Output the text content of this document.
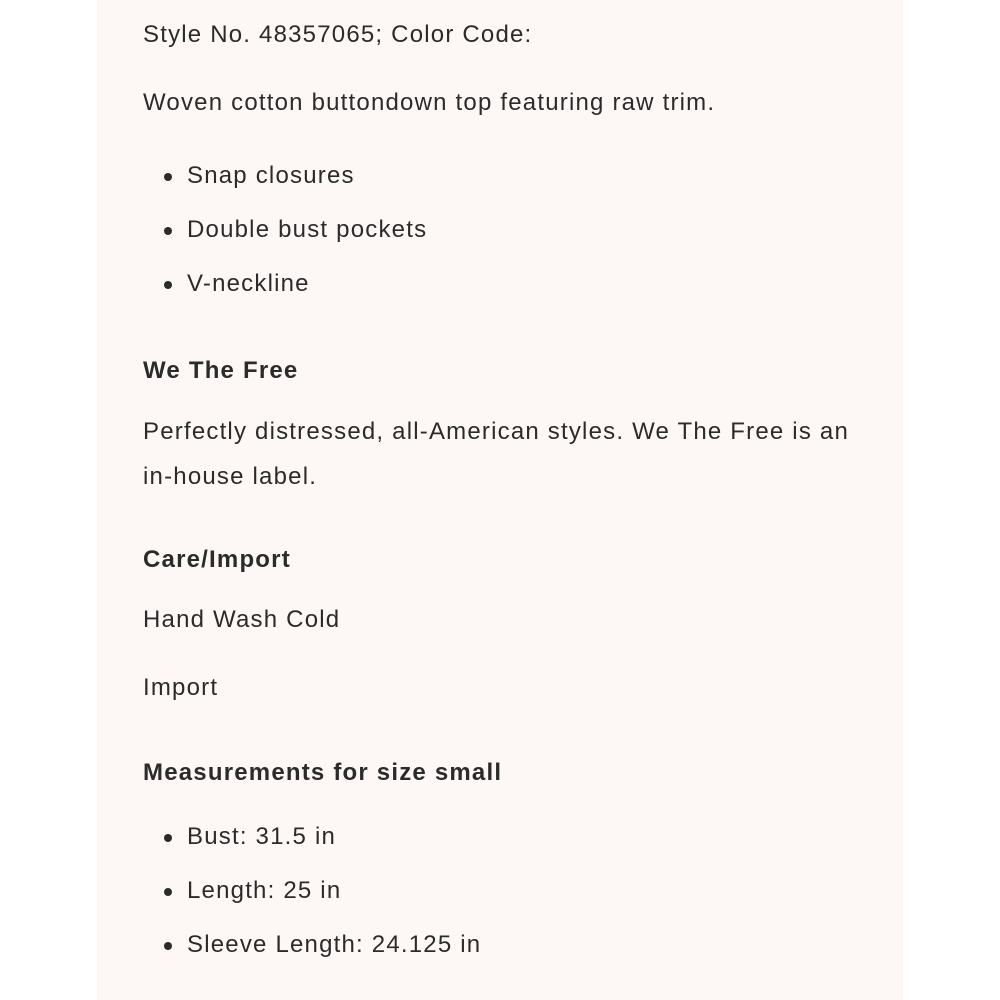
Style No. 48357065; Color Code:

Woven cotton buttondown top featuring raw trim.

Snap closures
Double bust pockets
V-neckline

We The Free

Perfectly distressed, all-American styles. We The Free is an in-house label.

Care/Import

Hand Wash Cold

Import

Measurements for size small

Bust: 31.5 in
Length: 25 in
Sleeve Length: 24.125 in
